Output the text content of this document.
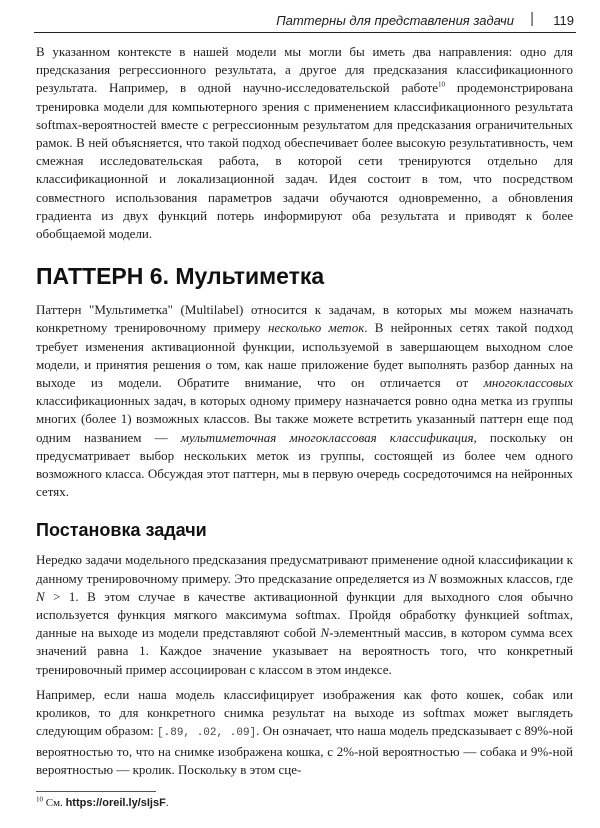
Паттерны для представления задачи | 119

В указанном контексте в нашей модели мы могли бы иметь два направления: одно для предсказания регрессионного результата, а другое для предсказания классификационного результата. Например, в одной научно-исследовательской работе$^{10}$ продемонстрирована тренировка модели для компьютерного зрения с применением классификационного результата softmax-вероятностей вместе с регрессионным результатом для предсказания ограничительных рамок. В ней объясняется, что такой подход обеспечивает более высокую результативность, чем смежная исследовательская работа, в которой сети тренируются отдельно для классификационной и локализационной задач. Идея состоит в том, что посредством совместного использования параметров задачи обучаются одновременно, а обновления градиента из двух функций потерь информируют оба результата и приводят к более обобщаемой модели.

ПАТТЕРН 6. Мультиметка

Паттерн "Мультиметка" (Multilabel) относится к задачам, в которых мы можем назначать конкретному тренировочному примеру несколько меток. В нейронных сетях такой подход требует изменения активационной функции, используемой в завершающем выходном слое модели, и принятия решения о том, как наше приложение будет выполнять разбор данных на выходе из модели. Обратите внимание, что он отличается от многоклассовых классификационных задач, в которых одному примеру назначается ровно одна метка из группы многих (более 1) возможных классов. Вы также можете встретить указанный паттерн еще под одним названием — мультиметочная многоклассовая классификация, поскольку он предусматривает выбор нескольких меток из группы, состоящей из более чем одного возможного класса. Обсуждая этот паттерн, мы в первую очередь сосредоточимся на нейронных сетях.

Постановка задачи

Нередко задачи модельного предсказания предусматривают применение одной классификации к данному тренировочному примеру. Это предсказание определяется из N возможных классов, где N > 1. В этом случае в качестве активационной функции для выходного слоя обычно используется функция мягкого максимума softmax. Пройдя обработку функцией softmax, данные на выходе из модели представляют собой N-элементный массив, в котором сумма всех значений равна 1. Каждое значение указывает на вероятность того, что конкретный тренировочный пример ассоциирован с классом в этом индексе.

Например, если наша модель классифицирует изображения как фото кошек, собак или кроликов, то для конкретного снимка результат на выходе из softmax может выглядеть следующим образом: [.89, .02, .09]. Он означает, что наша модель предсказывает с 89%-ной вероятностью то, что на снимке изображена кошка, с 2%-ной вероятностью — собака и 9%-ной вероятностью — кролик. Поскольку в этом сце-

$^{10}$ См. https://oreil.ly/sIjsF.
